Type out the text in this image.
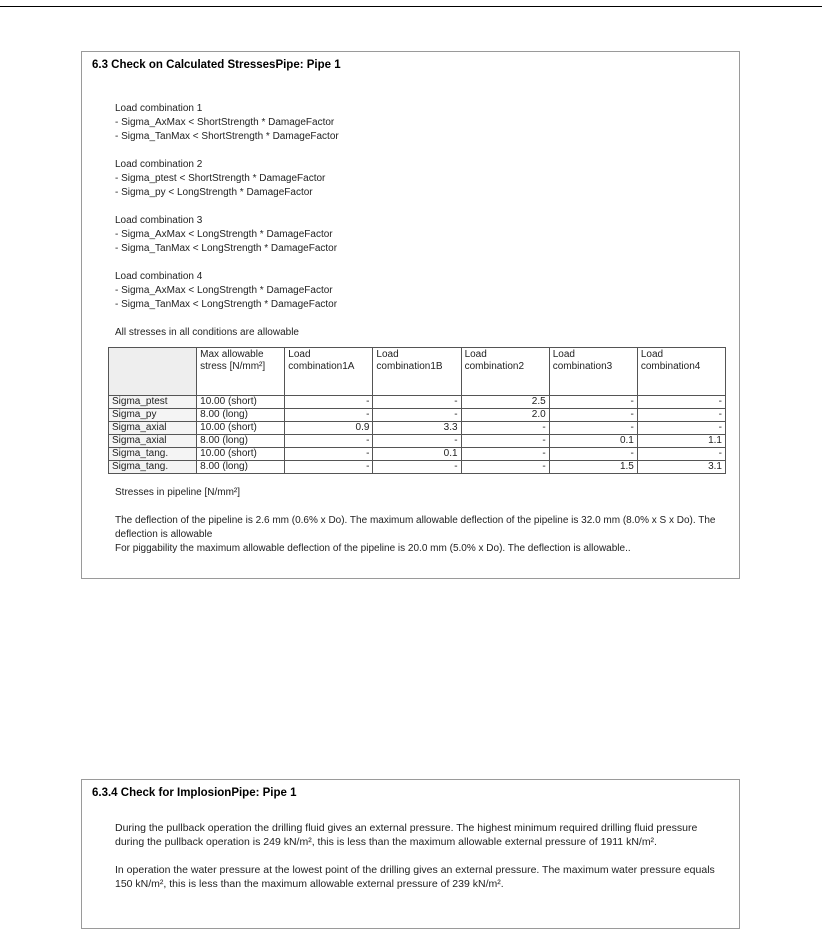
6.3 Check on Calculated StressesPipe: Pipe 1
Load combination 1
- Sigma_AxMax < ShortStrength * DamageFactor
- Sigma_TanMax < ShortStrength * DamageFactor
Load combination 2
- Sigma_ptest < ShortStrength * DamageFactor
- Sigma_py < LongStrength * DamageFactor
Load combination 3
- Sigma_AxMax < LongStrength * DamageFactor
- Sigma_TanMax < LongStrength * DamageFactor
Load combination 4
- Sigma_AxMax < LongStrength * DamageFactor
- Sigma_TanMax < LongStrength * DamageFactor
All stresses in all conditions are allowable
	Max allowable stress [N/mm²]	Load combination1A	Load combination1B	Load combination2	Load combination3	Load combination4
Sigma_ptest	10.00 (short)	-	-	2.5	-	-
Sigma_py	8.00 (long)	-	-	2.0	-	-
Sigma_axial	10.00 (short)	0.9	3.3	-	-	-
Sigma_axial	8.00 (long)	-	-	-	0.1	1.1
Sigma_tang.	10.00 (short)	-	0.1	-	-	-
Sigma_tang.	8.00 (long)	-	-	-	1.5	3.1
Stresses in pipeline [N/mm²]

The deflection of the pipeline is 2.6 mm (0.6% x Do). The maximum allowable deflection of the pipeline is 32.0 mm (8.0% x S x Do). The deflection is allowable

For piggability the maximum allowable deflection of the pipeline is 20.0 mm (5.0% x Do). The deflection is allowable..

6.3.4 Check for ImplosionPipe: Pipe 1

During the pullback operation the drilling fluid gives an external pressure. The highest minimum required drilling fluid pressure during the pullback operation is 249 kN/m², this is less than the maximum allowable external pressure of 1911 kN/m².

In operation the water pressure at the lowest point of the drilling gives an external pressure. The maximum water pressure equals 150 kN/m², this is less than the maximum allowable external pressure of 239 kN/m².
